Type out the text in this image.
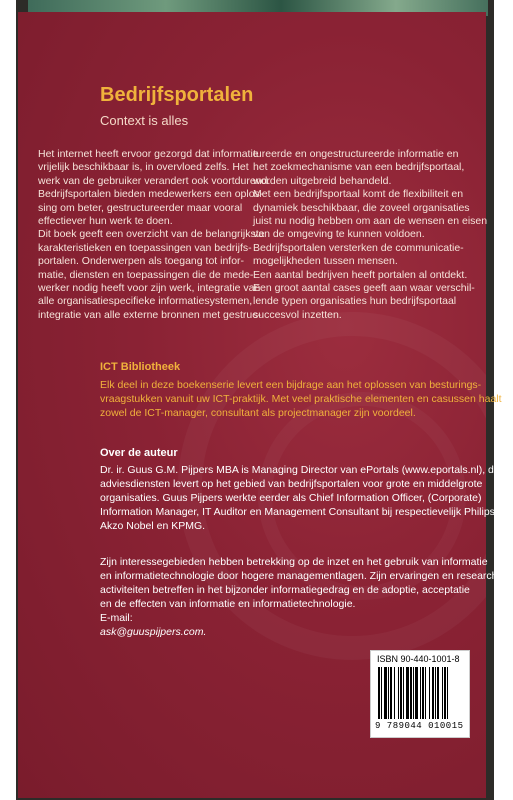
Bedrijfsportalen

Context is alles

Het internet heeft ervoor gezorgd dat informatie

vrijelijk beschikbaar is, in overvloed zelfs. Het

werk van de gebruiker verandert ook voortdurend.

Bedrijfsportalen bieden medewerkers een oplos-

sing om beter, gestructureerder maar vooral

effectiever hun werk te doen.

Dit boek geeft een overzicht van de belangrijkste

karakteristieken en toepassingen van bedrijfs-

portalen. Onderwerpen als toegang tot infor-

matie, diensten en toepassingen die de mede-

werker nodig heeft voor zijn werk, integratie van

alle organisatiespecifieke informatiesystemen,

integratie van alle externe bronnen met gestruc-

tureerde en ongestructureerde informatie en

het zoekmechanisme van een bedrijfsportaal,

worden uitgebreid behandeld.

Met een bedrijfsportaal komt de flexibiliteit en

dynamiek beschikbaar, die zoveel organisaties

juist nu nodig hebben om aan de wensen en eisen

van de omgeving te kunnen voldoen.

Bedrijfsportalen versterken de communicatie-

mogelijkheden tussen mensen.

Een aantal bedrijven heeft portalen al ontdekt.

Een groot aantal cases geeft aan waar verschil-

lende typen organisaties hun bedrijfsportaal

succesvol inzetten.

ICT Bibliotheek

Elk deel in deze boekenserie levert een bijdrage aan het oplossen van besturings-
vraagstukken vanuit uw ICT-praktijk. Met veel praktische elementen en casussen haalt
zowel de ICT-manager, consultant als projectmanager zijn voordeel.

Over de auteur

Dr. ir. Guus G.M. Pijpers MBA is Managing Director van ePortals (www.eportals.nl), dat
adviesdiensten levert op het gebied van bedrijfsportalen voor grote en middelgrote
organisaties. Guus Pijpers werkte eerder als Chief Information Officer, (Corporate)
Information Manager, IT Auditor en Management Consultant bij respectievelijk Philips,
Akzo Nobel en KPMG.

Zijn interessegebieden hebben betrekking op de inzet en het gebruik van informatie
en informatietechnologie door hogere managementlagen. Zijn ervaringen en research-
activiteiten betreffen in het bijzonder informatiegedrag en de adoptie, acceptatie
en de effecten van informatie en informatietechnologie.
E-mail:
ask@guuspijpers.com.

ISBN 90-440-1001-8

9 789044 010015
